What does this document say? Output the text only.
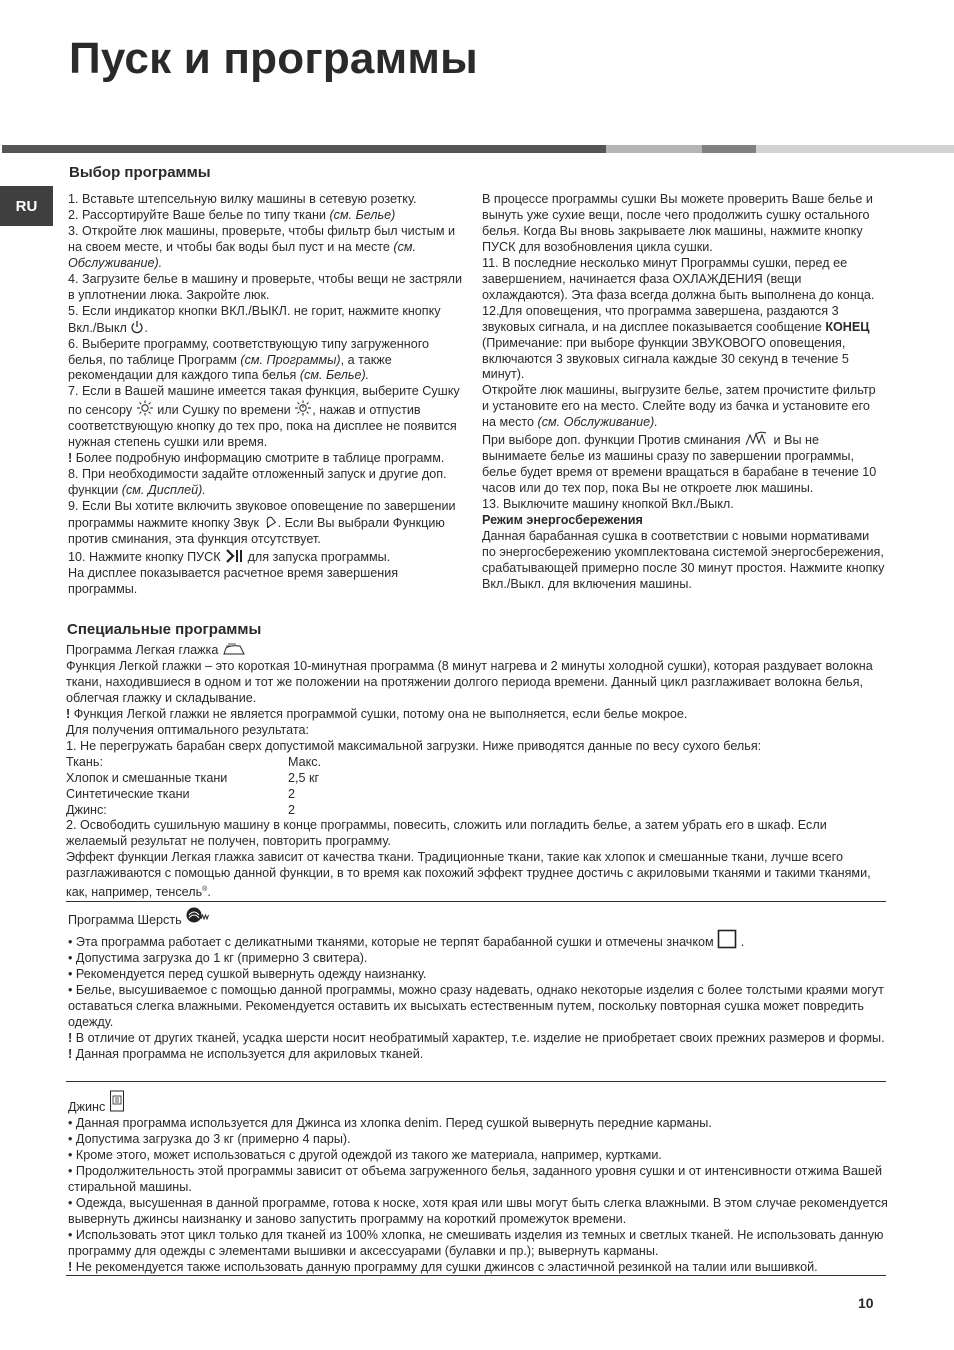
Пуск и программы
RU
Выбор программы

1. Вставьте штепсельную вилку машины в сетевую розетку.

2. Рассортируйте Ваше белье по типу ткани (см. Белье)

3. Откройте люк машины, проверьте, чтобы фильтр был чистым и на своем месте, и чтобы бак воды был пуст и на месте (см. Обслуживание).

4. Загрузите белье в машину и проверьте, чтобы вещи не застряли в уплотнении люка. Закройте люк.

5. Если индикатор кнопки ВКЛ./ВЫКЛ. не горит, нажмите кнопку Вкл./Выкл .

6. Выберите программу, соответствующую типу загруженного белья, по таблице Программ (см. Программы), а также рекомендации для каждого типа белья (см. Белье).

7. Если в Вашей машине имеется такая функция, выберите Сушку по сенсору или Сушку по времени , нажав и отпустив соответствующую кнопку до тех про, пока на дисплее не появится нужная степень сушки или время.

! Более подробную информацию смотрите в таблице программ.

8. При необходимости задайте отложенный запуск и другие доп. функции (см. Дисплей).

9. Если Вы хотите включить звуковое оповещение по завершении программы нажмите кнопку Звук . Если Вы выбрали Функцию против сминания, эта функция отсутствует.

10. Нажмите кнопку ПУСК для запуска программы.

На дисплее показывается расчетное время завершения программы.

В процессе программы сушки Вы можете проверить Ваше белье и вынуть уже сухие вещи, после чего продолжить сушку остального белья. Когда Вы вновь закрываете люк машины, нажмите кнопку ПУСК для возобновления цикла сушки.

11. В последние несколько минут Программы сушки, перед ее завершением, начинается фаза ОХЛАЖДЕНИЯ (вещи охлаждаются). Эта фаза всегда должна быть выполнена до конца.

12.Для оповещения, что программа завершена, раздаются 3 звуковых сигнала, и на дисплее показывается сообщение КОНЕЦ (Примечание: при выборе функции ЗВУКОВОГО оповещения, включаются 3 звуковых сигнала каждые 30 секунд в течение 5 минут).

Откройте люк машины, выгрузите белье, затем прочистите фильтр и установите его на место. Слейте воду из бачка и установите его на место (см. Обслуживание).

При выборе доп. функции Против сминания	и Вы не вынимаете белье из машины сразу по завершении программы, белье будет время от времени вращаться в барабане в течение 10 часов или до тех пор, пока Вы не откроете люк машины.

13. Выключите машину кнопкой Вкл./Выкл.

Режим энергосбережения

Данная барабанная сушка в соответствии с новыми нормативами по энергосбережению укомплектована системой энергосбережения, срабатывающей примерно после 30 минут простоя. Нажмите кнопку Вкл./Выкл. для включения машины.

Специальные программы

Программа Легкая глажка

Функция Легкой глажки – это короткая 10-минутная программа (8 минут нагрева и 2 минуты холодной сушки), которая раздувает волокна ткани, находившиеся в одном и тот же положении на протяжении долгого периода времени. Данный цикл разглаживает волокна белья, облегчая глажку и складывание.

! Функция Легкой глажки не является программой сушки, потому она не выполняется, если белье мокрое.

Для получения оптимального результата:

1. Не перегружать барабан сверх допустимой максимальной загрузки. Ниже приводятся данные по весу сухого белья:

Ткань:	Макс.
Хлопок и смешанные ткани	2,5 кг
Синтетические ткани	2
Джинс:	2

2. Освободить сушильную машину в конце программы, повесить, сложить или погладить белье, а затем убрать его в шкаф. Если желаемый результат не получен, повторить программу.

Эффект функции Легкая глажка зависит от качества ткани. Традиционные ткани, такие как хлопок и смешанные ткани, лучше всего разглаживаются с помощью данной функции, в то время как похожий эффект труднее достичь с акриловыми тканями и такими тканями, как, например, тенсель®.

Программа Шерсть

• Эта программа работает с деликатными тканями, которые не терпят барабанной сушки и отмечены значком .

• Допустима загрузка до 1 кг (примерно 3 свитера).

• Рекомендуется перед сушкой вывернуть одежду наизнанку.

• Белье, высушиваемое с помощью данной программы, можно сразу надевать, однако некоторые изделия с более толстыми краями могут оставаться слегка влажными. Рекомендуется оставить их высыхать естественным путем, поскольку повторная сушка может повредить одежду.

! В отличие от других тканей, усадка шерсти носит необратимый характер, т.е. изделие не приобретает своих прежних размеров и формы.

! Данная программа не используется для акриловых тканей.

Джинс

• Данная программа используется для Джинса из хлопка denim. Перед сушкой вывернуть передние карманы.

• Допустима загрузка до 3 кг (примерно 4 пары).

• Кроме этого, может использоваться с другой одеждой из такого же материала, например, куртками.

• Продолжительность этой программы зависит от объема загруженного белья, заданного уровня сушки и от интенсивности отжима Вашей стиральной машины.

• Одежда, высушенная в данной программе, готова к носке, хотя края или швы могут быть слегка влажными. В этом случае рекомендуется вывернуть джинсы наизнанку и заново запустить программу на короткий промежуток времени.

• Использовать этот цикл только для тканей из 100% хлопка, не смешивать изделия из темных и светлых тканей. Не использовать данную программу для одежды с элементами вышивки и аксессуарами (булавки и пр.); вывернуть карманы.

! Не рекомендуется также использовать данную программу для сушки джинсов с эластичной резинкой на талии или вышивкой.

10
